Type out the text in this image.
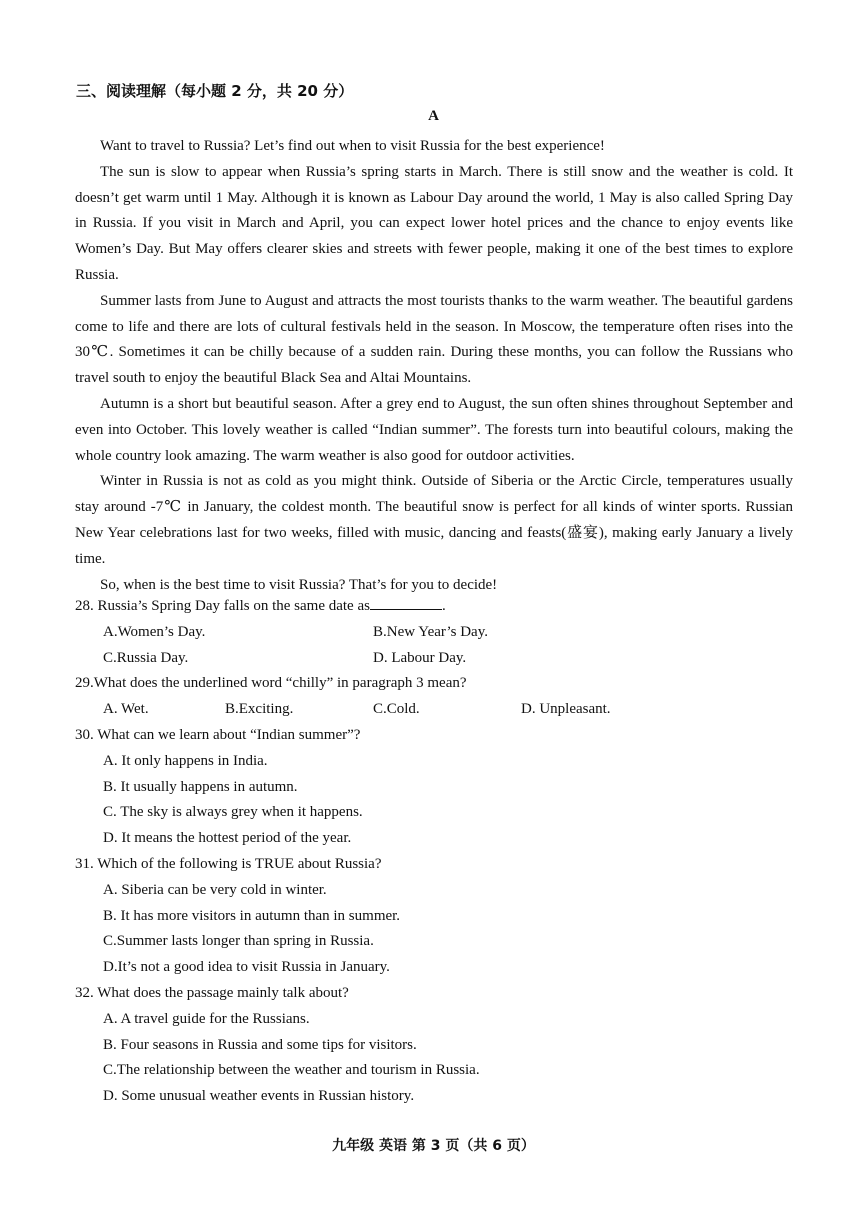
三、阅读理解（每小题 2 分，共 20 分）
A

Want to travel to Russia? Let’s find out when to visit Russia for the best experience!

The sun is slow to appear when Russia’s spring starts in March. There is still snow and the weather is cold. It doesn’t get warm until 1 May. Although it is known as Labour Day around the world, 1 May is also called Spring Day in Russia. If you visit in March and April, you can expect lower hotel prices and the chance to enjoy events like Women’s Day. But May offers clearer skies and streets with fewer people, making it one of the best times to explore Russia.

Summer lasts from June to August and attracts the most tourists thanks to the warm weather. The beautiful gardens come to life and there are lots of cultural festivals held in the season. In Moscow, the temperature often rises into the 30℃. Sometimes it can be chilly because of a sudden rain. During these months, you can follow the Russians who travel south to enjoy the beautiful Black Sea and Altai Mountains.

Autumn is a short but beautiful season. After a grey end to August, the sun often shines throughout September and even into October. This lovely weather is called “Indian summer”. The forests turn into beautiful colours, making the whole country look amazing. The warm weather is also good for outdoor activities.

Winter in Russia is not as cold as you might think. Outside of Siberia or the Arctic Circle, temperatures usually stay around -7℃ in January, the coldest month. The beautiful snow is perfect for all kinds of winter sports. Russian New Year celebrations last for two weeks, filled with music, dancing and feasts(盛宴), making early January a lively time.

So, when is the best time to visit Russia? That’s for you to decide!

28. Russia’s Spring Day falls on the same date as	.

A.Women’s Day.	B.New Year’s Day.

C.Russia Day.	D. Labour Day.

29.What does the underlined word “chilly” in paragraph 3 mean?

A. Wet.	B.Exciting.	C.Cold.	D. Unpleasant.

30. What can we learn about “Indian summer”?

A. It only happens in India.

B. It usually happens in autumn.

C. The sky is always grey when it happens.

D. It means the hottest period of the year.

31. Which of the following is TRUE about Russia?

A. Siberia can be very cold in winter.

B. It has more visitors in autumn than in summer.

C.Summer lasts longer than spring in Russia.

D.It’s not a good idea to visit Russia in January.

32. What does the passage mainly talk about?

A. A travel guide for the Russians.

B. Four seasons in Russia and some tips for visitors.

C.The relationship between the weather and tourism in Russia.

D. Some unusual weather events in Russian history.

九年级 英语 第 3 页（共 6 页）
